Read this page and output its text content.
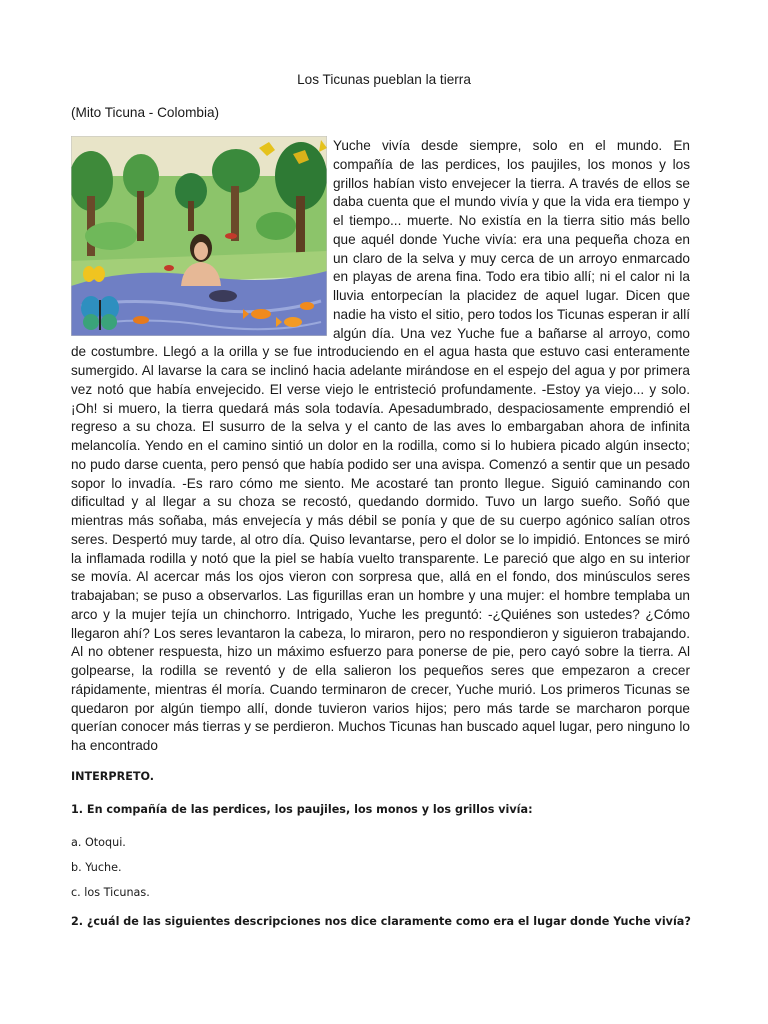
Los Ticunas pueblan la tierra
(Mito Ticuna - Colombia)

Yuche vivía desde siempre, solo en el mundo. En compañía de las perdices, los paujiles, los monos y los grillos habían visto envejecer la tierra. A través de ellos se daba cuenta que el mundo vivía y que la vida era tiempo y el tiempo... muerte. No existía en la tierra sitio más bello que aquél donde Yuche vivía: era una pequeña choza en un claro de la selva y muy cerca de un arroyo enmarcado en playas de arena fina. Todo era tibio allí; ni el calor ni la lluvia entorpecían la placidez de aquel lugar. Dicen que nadie ha visto el sitio, pero todos los Ticunas esperan ir allí algún día. Una vez Yuche fue a bañarse al arroyo, como de costumbre. Llegó a la orilla y se fue introduciendo en el agua hasta que estuvo casi enteramente sumergido. Al lavarse la cara se inclinó hacia adelante mirándose en el espejo del agua y por primera vez notó que había envejecido. El verse viejo le entristeció profundamente. -Estoy ya viejo... y solo. ¡Oh! si muero, la tierra quedará más sola todavía. Apesadumbrado, despaciosamente emprendió el regreso a su choza. El susurro de la selva y el canto de las aves lo embargaban ahora de infinita melancolía. Yendo en el camino sintió un dolor en la rodilla, como si lo hubiera picado algún insecto; no pudo darse cuenta, pero pensó que había podido ser una avispa. Comenzó a sentir que un pesado sopor lo invadía. -Es raro cómo me siento. Me acostaré tan pronto llegue. Siguió caminando con dificultad y al llegar a su choza se recostó, quedando dormido. Tuvo un largo sueño. Soñó que mientras más soñaba, más envejecía y más débil se ponía y que de su cuerpo agónico salían otros seres. Despertó muy tarde, al otro día. Quiso levantarse, pero el dolor se lo impidió. Entonces se miró la inflamada rodilla y notó que la piel se había vuelto transparente. Le pareció que algo en su interior se movía. Al acercar más los ojos vieron con sorpresa que, allá en el fondo, dos minúsculos seres trabajaban; se puso a observarlos. Las figurillas eran un hombre y una mujer: el hombre templaba un arco y la mujer tejía un chinchorro. Intrigado, Yuche les preguntó: -¿Quiénes son ustedes? ¿Cómo llegaron ahí? Los seres levantaron la cabeza, lo miraron, pero no respondieron y siguieron trabajando. Al no obtener respuesta, hizo un máximo esfuerzo para ponerse de pie, pero cayó sobre la tierra. Al golpearse, la rodilla se reventó y de ella salieron los pequeños seres que empezaron a crecer rápidamente, mientras él moría. Cuando terminaron de crecer, Yuche murió. Los primeros Ticunas se quedaron por algún tiempo allí, donde tuvieron varios hijos; pero más tarde se marcharon porque querían conocer más tierras y se perdieron. Muchos Ticunas han buscado aquel lugar, pero ninguno lo ha encontrado

INTERPRETO.

1. En compañía de las perdices, los paujiles, los monos y los grillos vivía:

a. Otoqui.

b. Yuche.

c. los Ticunas.

2. ¿cuál de las siguientes descripciones nos dice claramente como era el lugar donde Yuche vivía?
